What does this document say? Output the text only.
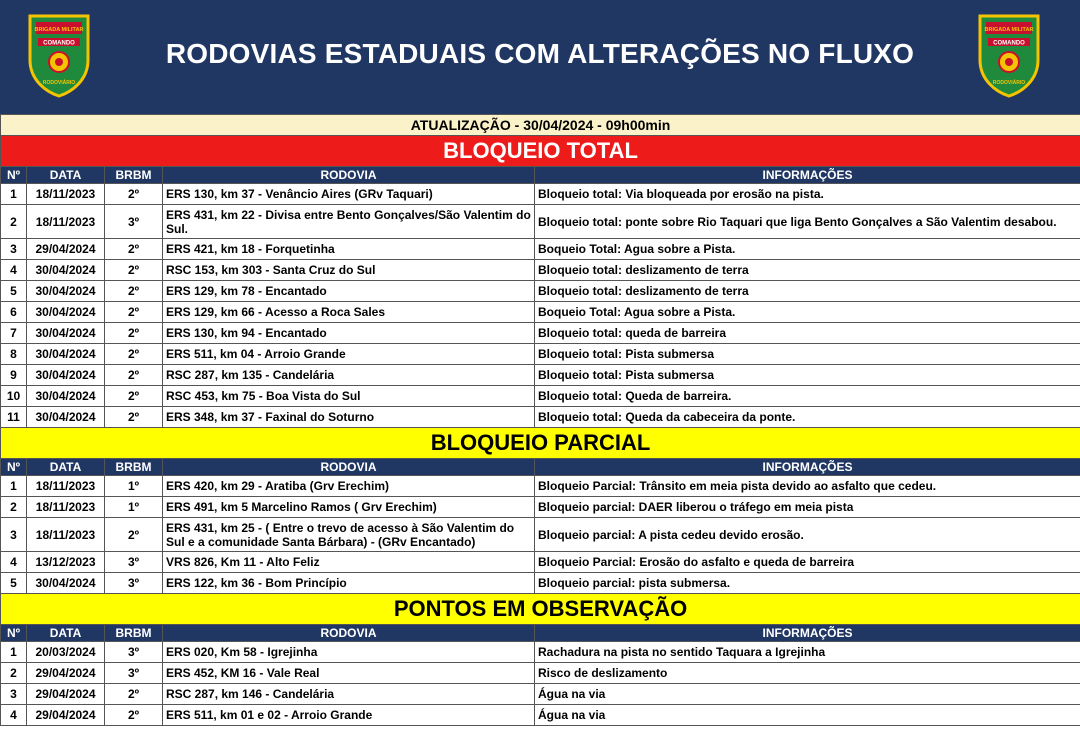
BRIGADA MILITAR
COMANDO
RODOVIÁRIO
RODOVIAS ESTADUAIS COM ALTERAÇÕES NO FLUXO
BRIGADA MILITAR
COMANDO
RODOVIÁRIO
ATUALIZAÇÃO - 30/04/2024 - 09h00min				
BLOQUEIO TOTAL				
Nº	DATA	BRBM	RODOVIA	INFORMAÇÕES
1	18/11/2023	2º	ERS 130, km 37 - Venâncio Aires (GRv Taquari)	Bloqueio total: Via bloqueada por erosão na pista.
2	18/11/2023	3º	ERS 431, km 22 - Divisa entre Bento Gonçalves/São Valentim do Sul.	Bloqueio total: ponte sobre Rio Taquari que liga Bento Gonçalves a São Valentim desabou.
3	29/04/2024	2º	ERS 421, km 18 - Forquetinha	Boqueio Total: Agua sobre a Pista.
4	30/04/2024	2º	RSC 153, km 303 - Santa Cruz do Sul	Bloqueio total: deslizamento de terra
5	30/04/2024	2º	ERS 129, km 78 - Encantado	Bloqueio total: deslizamento de terra
6	30/04/2024	2º	ERS 129, km 66 - Acesso a Roca Sales	Boqueio Total: Agua sobre a Pista.
7	30/04/2024	2º	ERS 130, km 94 - Encantado	Bloqueio total: queda de barreira
8	30/04/2024	2º	ERS 511, km 04 - Arroio Grande	Bloqueio total: Pista submersa
9	30/04/2024	2º	RSC 287, km 135 - Candelária	Bloqueio total: Pista submersa
10	30/04/2024	2º	RSC 453, km 75 - Boa Vista do Sul	Bloqueio total: Queda de barreira.
11	30/04/2024	2º	ERS 348, km 37 - Faxinal do Soturno	Bloqueio total: Queda da cabeceira da ponte.
BLOQUEIO PARCIAL				
Nº	DATA	BRBM	RODOVIA	INFORMAÇÕES
1	18/11/2023	1º	ERS 420, km 29 - Aratiba (Grv Erechim)	Bloqueio Parcial: Trânsito em meia pista devido ao asfalto que cedeu.
2	18/11/2023	1º	ERS 491, km 5 Marcelino Ramos ( Grv Erechim)	Bloqueio parcial: DAER liberou o tráfego em meia pista
3	18/11/2023	2º	ERS 431, km 25 - ( Entre o trevo de acesso à São Valentim do Sul e a comunidade Santa Bárbara) - (GRv Encantado)	Bloqueio parcial: A pista cedeu devido erosão.
4	13/12/2023	3º	VRS 826, Km 11 - Alto Feliz	Bloqueio Parcial: Erosão do asfalto e queda de barreira
5	30/04/2024	3º	ERS 122, km 36 - Bom Princípio	Bloqueio parcial: pista submersa.
PONTOS EM OBSERVAÇÃO				
Nº	DATA	BRBM	RODOVIA	INFORMAÇÕES
1	20/03/2024	3º	ERS 020, Km 58 - Igrejinha	Rachadura na pista no sentido Taquara a Igrejinha
2	29/04/2024	3º	ERS 452, KM 16 - Vale Real	Risco de deslizamento
3	29/04/2024	2º	RSC 287, km 146 - Candelária	Água na via
4	29/04/2024	2º	ERS 511, km 01 e 02 - Arroio Grande	Água na via
